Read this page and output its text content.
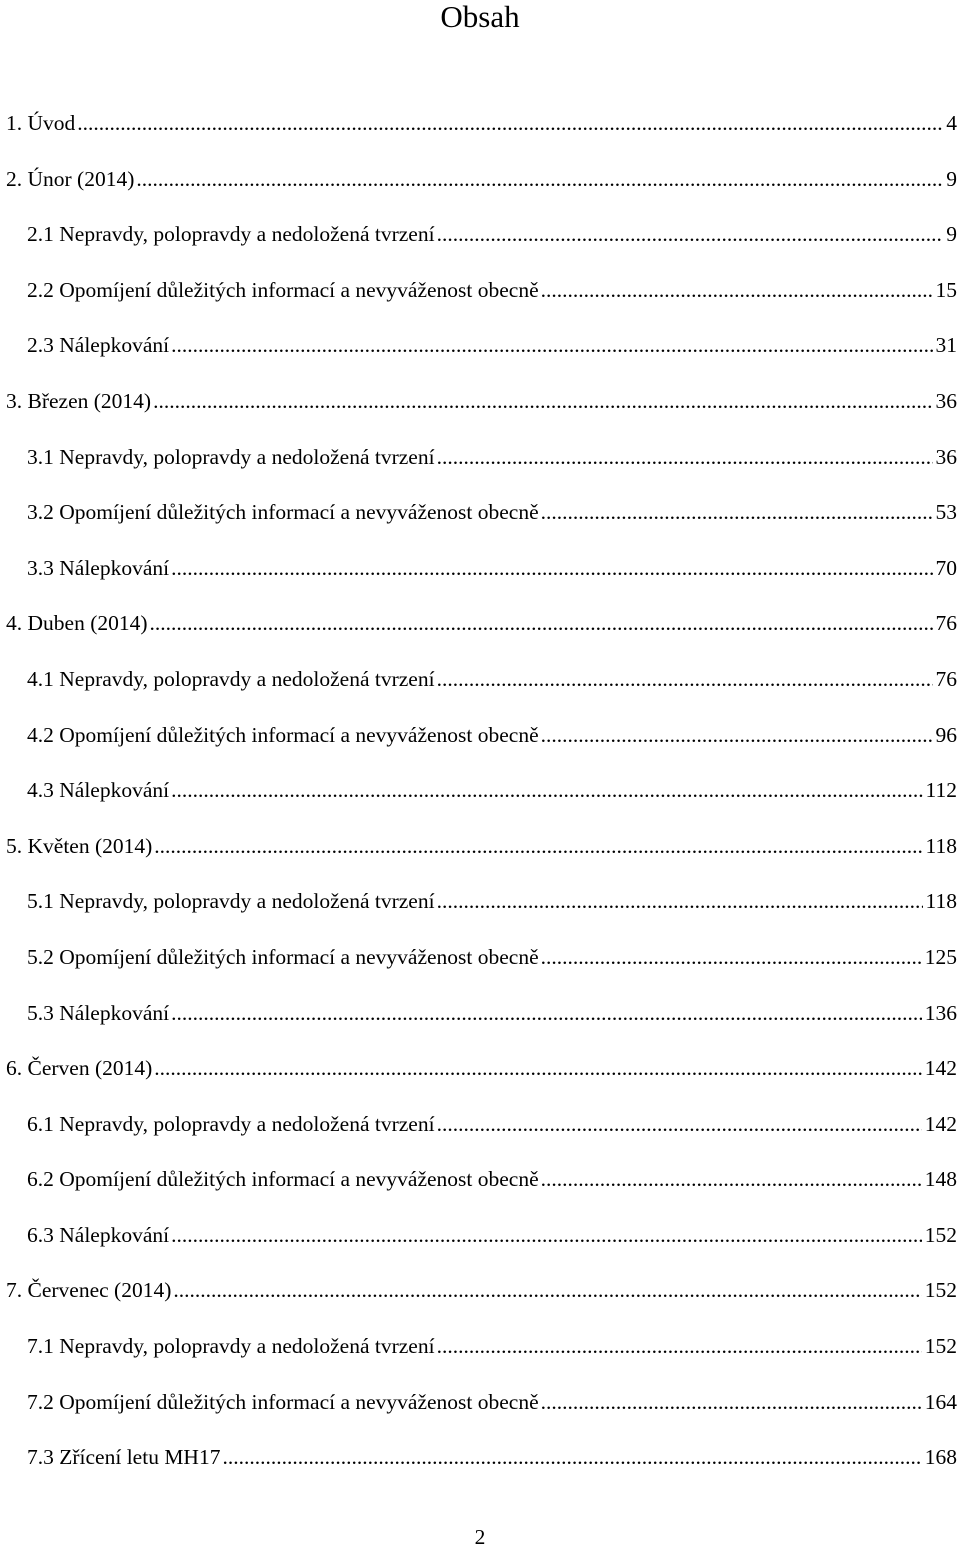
Obsah
1. Úvod .....	4
2. Únor (2014) .....	9
2.1 Nepravdy, polopravdy a nedoložená tvrzení .....	9
2.2 Opomíjení důležitých informací a nevyváženost obecně .....	15
2.3 Nálepkování .....	31
3. Březen (2014) .....	36
3.1 Nepravdy, polopravdy a nedoložená tvrzení .....	36
3.2 Opomíjení důležitých informací a nevyváženost obecně .....	53
3.3 Nálepkování .....	70
4. Duben (2014) .....	76
4.1 Nepravdy, polopravdy a nedoložená tvrzení .....	76
4.2 Opomíjení důležitých informací a nevyváženost obecně .....	96
4.3 Nálepkování .....	112
5. Květen (2014) .....	118
5.1 Nepravdy, polopravdy a nedoložená tvrzení .....	118
5.2 Opomíjení důležitých informací a nevyváženost obecně .....	125
5.3 Nálepkování .....	136
6. Červen (2014) .....	142
6.1 Nepravdy, polopravdy a nedoložená tvrzení .....	142
6.2 Opomíjení důležitých informací a nevyváženost obecně .....	148
6.3 Nálepkování .....	152
7. Červenec (2014) .....	152
7.1 Nepravdy, polopravdy a nedoložená tvrzení .....	152
7.2 Opomíjení důležitých informací a nevyváženost obecně .....	164
7.3 Zřícení letu MH17 .....	168
2
